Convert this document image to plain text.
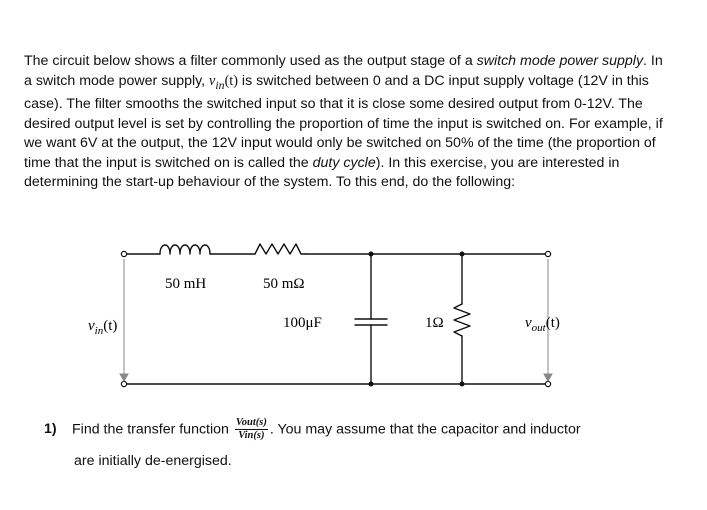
The circuit below shows a filter commonly used as the output stage of a switch mode power supply. In a switch mode power supply, $v_{in}(t)$ is switched between 0 and a DC input supply voltage (12V in this case). The filter smooths the switched input so that it is close some desired output from 0-12V. The desired output level is set by controlling the proportion of time the input is switched on. For example, if we want 6V at the output, the 12V input would only be switched on 50% of the time (the proportion of time that the input is switched on is called the duty cycle). In this exercise, you are interested in determining the start-up behaviour of the system. To this end, do the following:

50 mH	50 mΩ
100μF	1Ω
$v_{in}(t)$	$v_{out}(t)$
1) Find the transfer function $\frac{\text{Vout(s)}}{\text{Vin(s)}}$ . You may assume that the capacitor and inductor
are initially de-energised.
